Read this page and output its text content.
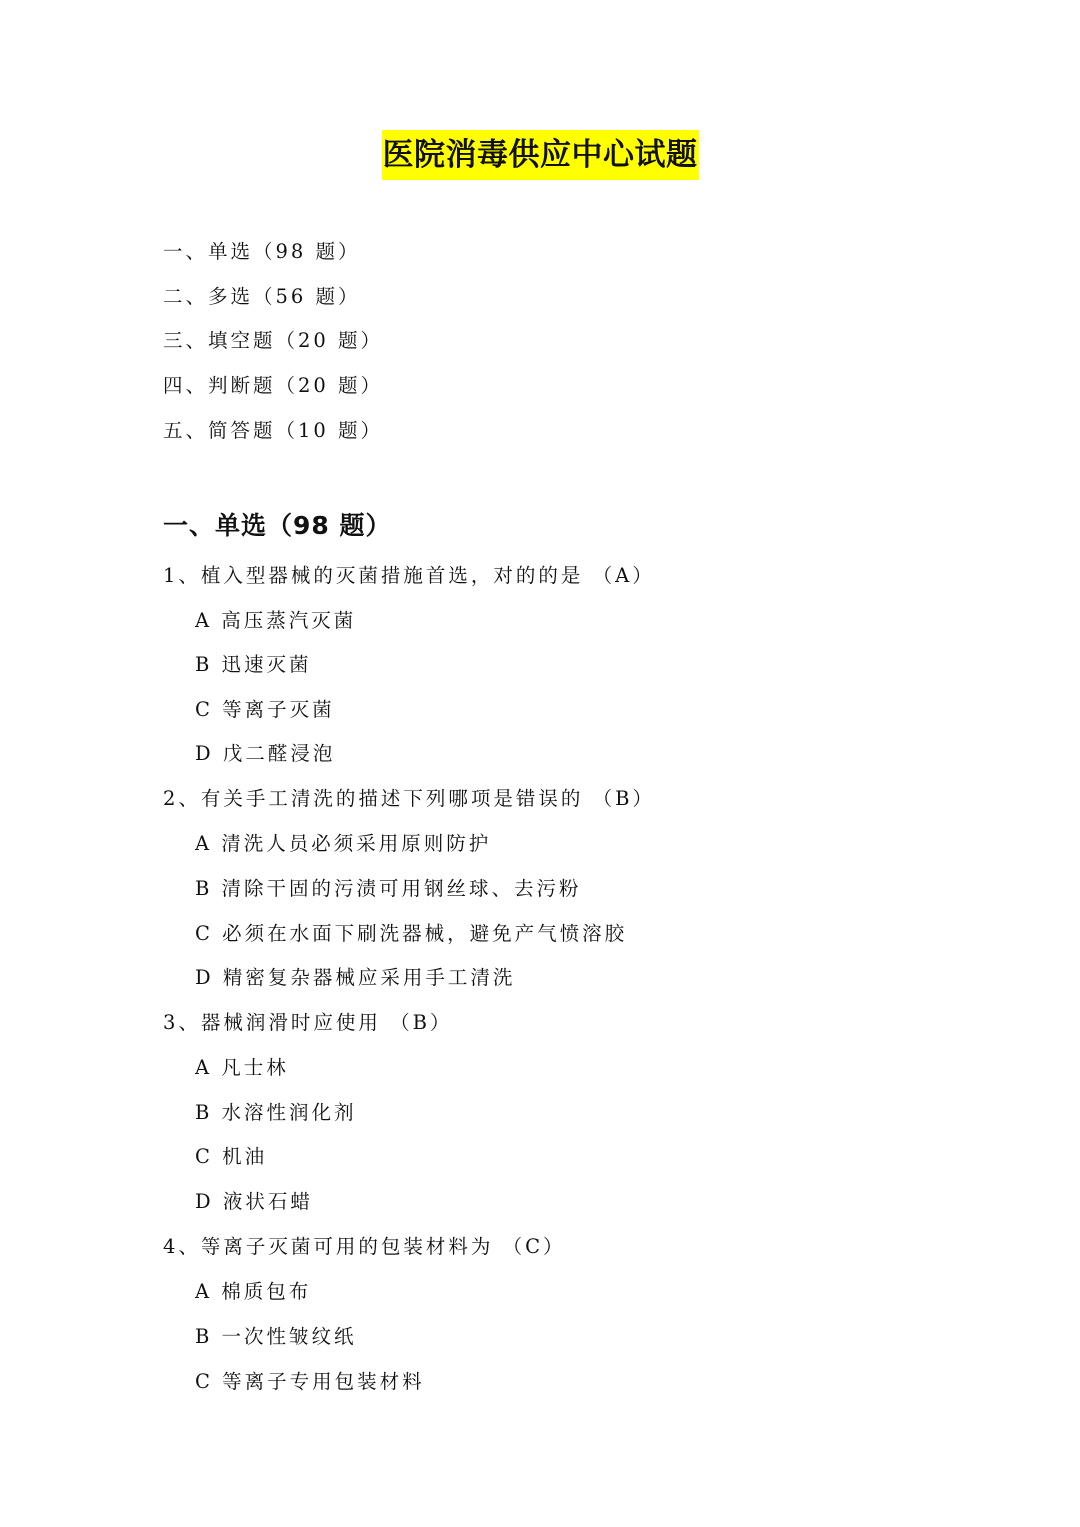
医院消毒供应中心试题
一、单选（98 题）
二、多选（56 题）
三、填空题（20 题）
四、判断题（20 题）
五、简答题（10 题）
一、单选（98 题）
1、植入型器械的灭菌措施首选，对的的是 （A）
A 高压蒸汽灭菌
B 迅速灭菌
C 等离子灭菌
D 戊二醛浸泡
2、有关手工清洗的描述下列哪项是错误的 （B）
A 清洗人员必须采用原则防护
B 清除干固的污渍可用钢丝球、去污粉
C 必须在水面下刷洗器械，避免产气愤溶胶
D 精密复杂器械应采用手工清洗
3、器械润滑时应使用 （B）
A 凡士林
B 水溶性润化剂
C 机油
D 液状石蜡
4、等离子灭菌可用的包装材料为 （C）
A 棉质包布
B 一次性皱纹纸
C 等离子专用包装材料
